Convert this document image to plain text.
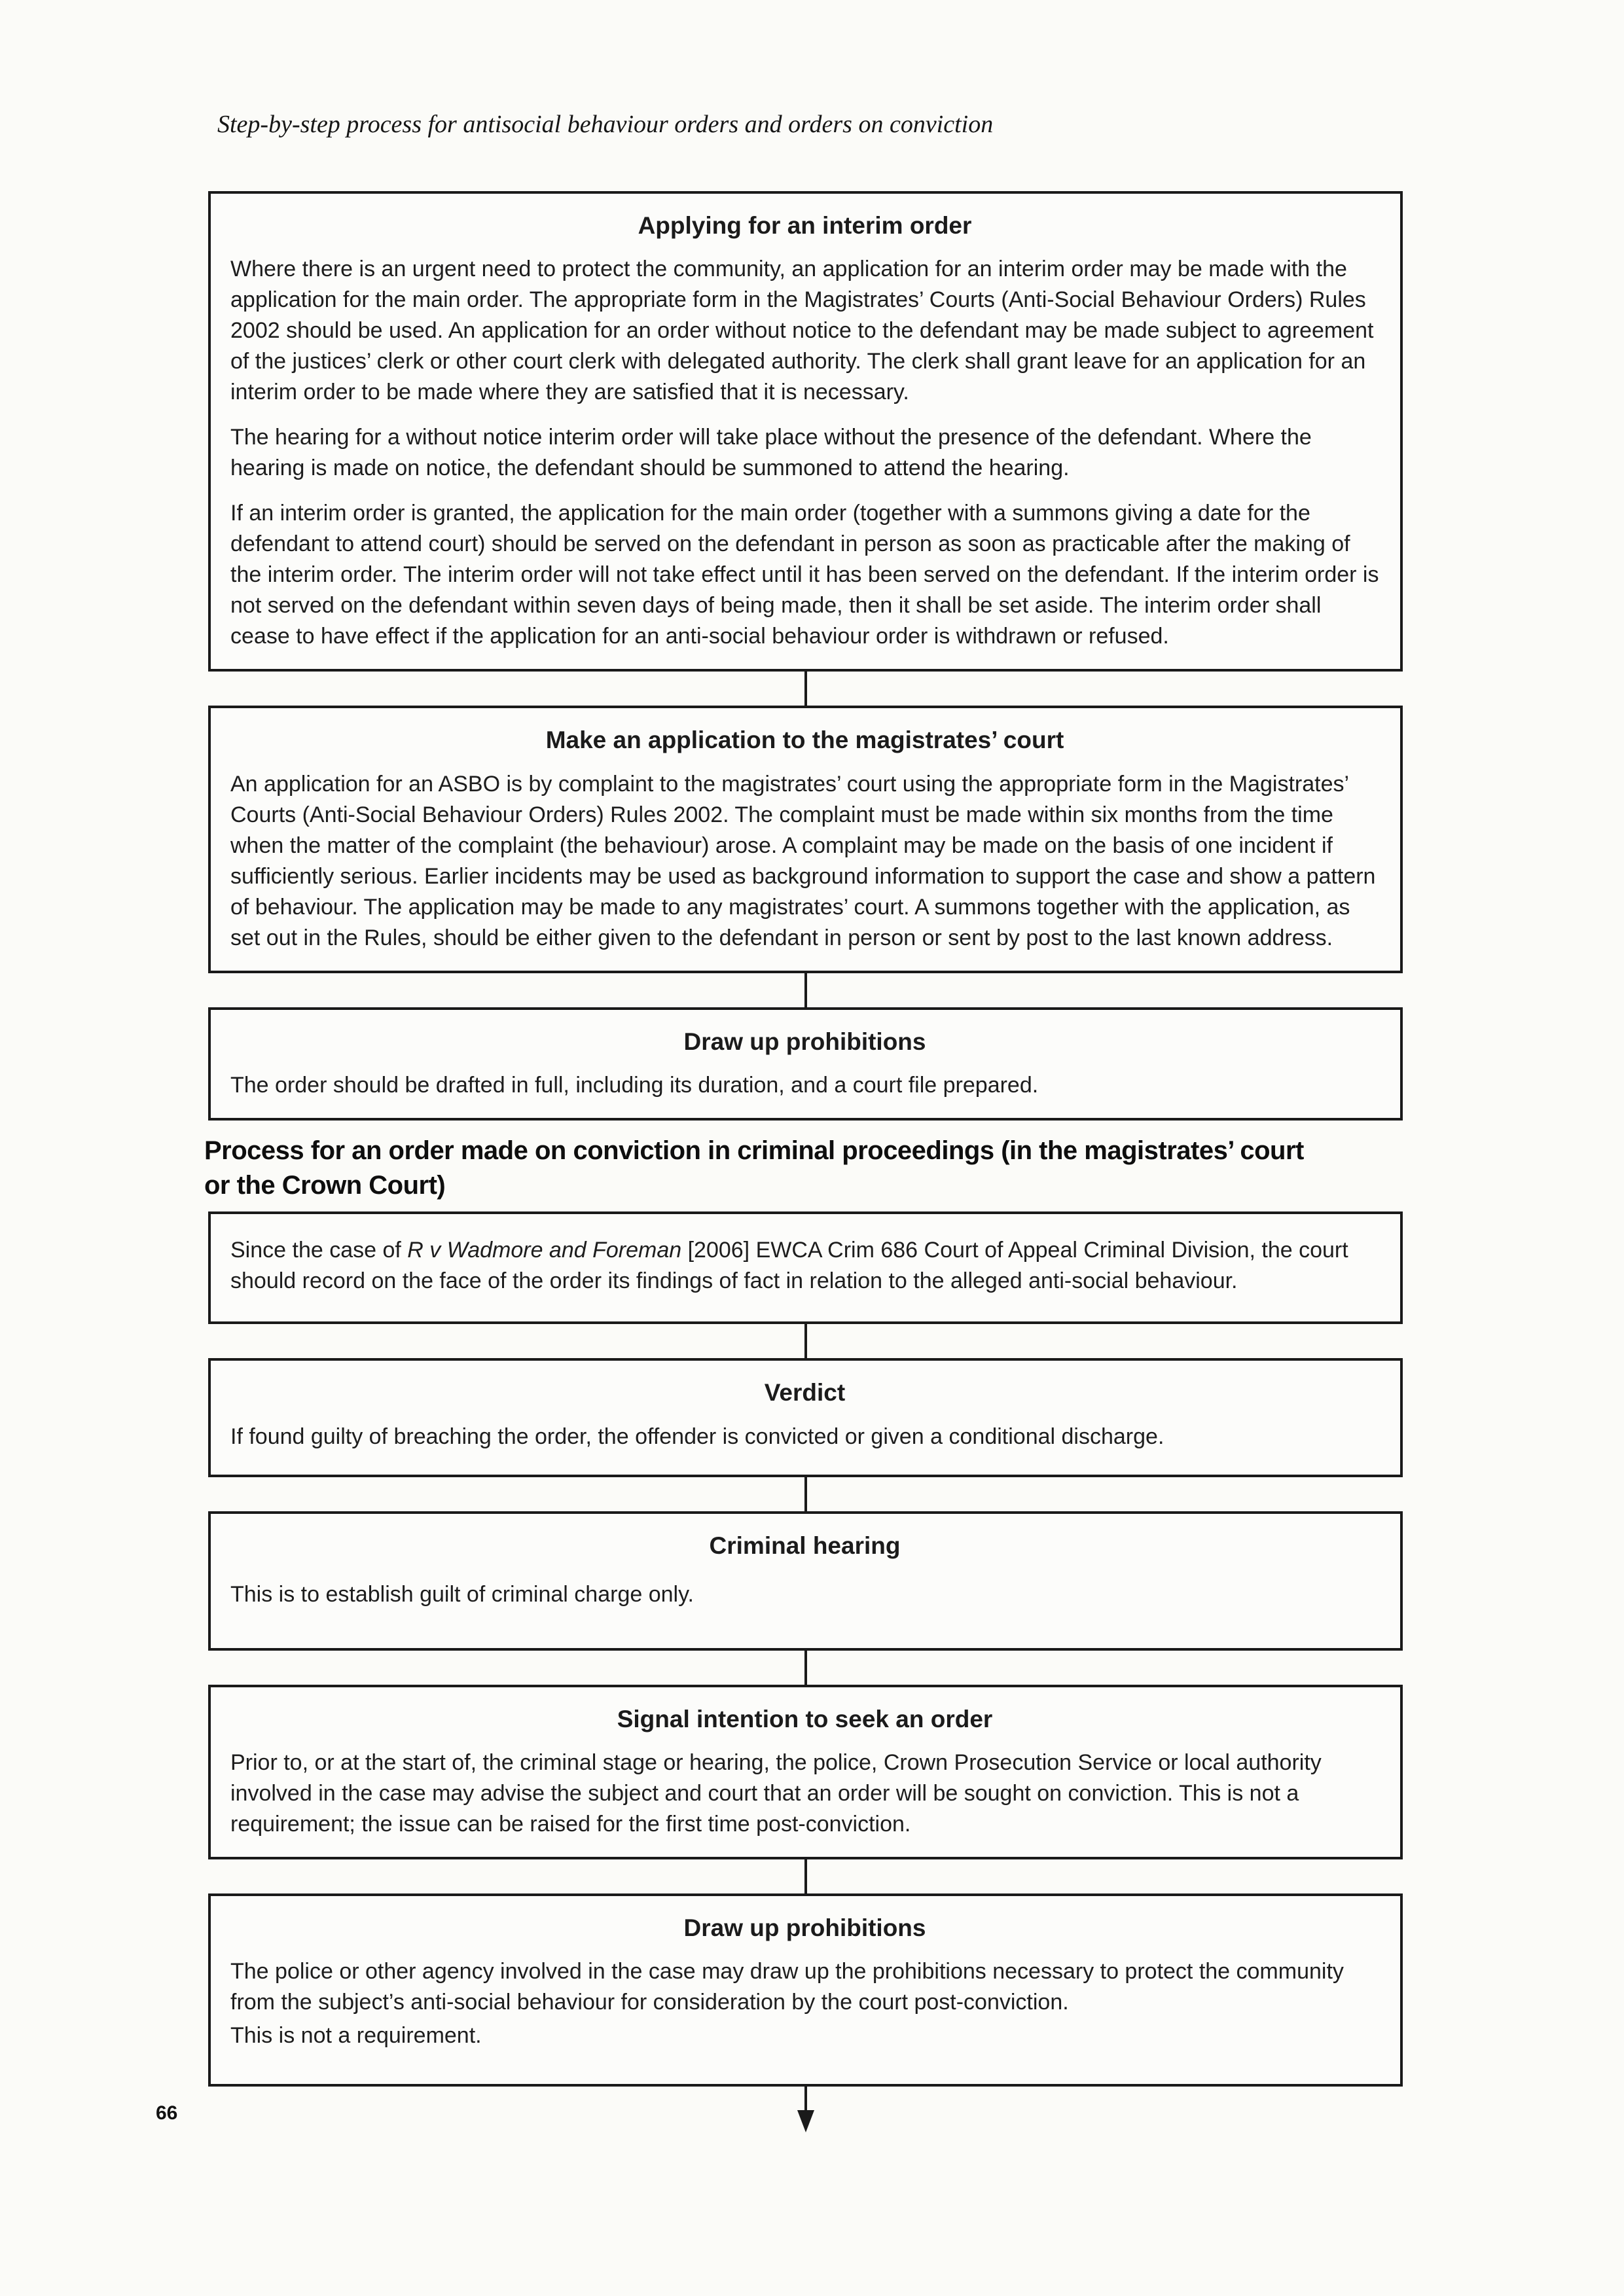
Step-by-step process for antisocial behaviour orders and orders on conviction
Applying for an interim order

Where there is an urgent need to protect the community, an application for an interim order may be made with the application for the main order. The appropriate form in the Magistrates’ Courts (Anti-Social Behaviour Orders) Rules 2002 should be used. An application for an order without notice to the defendant may be made subject to agreement of the justices’ clerk or other court clerk with delegated authority. The clerk shall grant leave for an application for an interim order to be made where they are satisfied that it is necessary.

The hearing for a without notice interim order will take place without the presence of the defendant. Where the hearing is made on notice, the defendant should be summoned to attend the hearing.

If an interim order is granted, the application for the main order (together with a summons giving a date for the defendant to attend court) should be served on the defendant in person as soon as practicable after the making of the interim order. The interim order will not take effect until it has been served on the defendant. If the interim order is not served on the defendant within seven days of being made, then it shall be set aside. The interim order shall cease to have effect if the application for an anti-social behaviour order is withdrawn or refused.

Make an application to the magistrates’ court

An application for an ASBO is by complaint to the magistrates’ court using the appropriate form in the Magistrates’ Courts (Anti-Social Behaviour Orders) Rules 2002. The complaint must be made within six months from the time when the matter of the complaint (the behaviour) arose. A complaint may be made on the basis of one incident if sufficiently serious. Earlier incidents may be used as background information to support the case and show a pattern of behaviour. The application may be made to any magistrates’ court. A summons together with the application, as set out in the Rules, should be either given to the defendant in person or sent by post to the last known address.

Draw up prohibitions

The order should be drafted in full, including its duration, and a court file prepared.

Process for an order made on conviction in criminal proceedings (in the magistrates’ court
or the Crown Court)

Since the case of R v Wadmore and Foreman [2006] EWCA Crim 686 Court of Appeal Criminal Division, the court should record on the face of the order its findings of fact in relation to the alleged anti-social behaviour.

Verdict

If found guilty of breaching the order, the offender is convicted or given a conditional discharge.

Criminal hearing

This is to establish guilt of criminal charge only.

Signal intention to seek an order

Prior to, or at the start of, the criminal stage or hearing, the police, Crown Prosecution Service or local authority involved in the case may advise the subject and court that an order will be sought on conviction. This is not a requirement; the issue can be raised for the first time post-conviction.

Draw up prohibitions

The police or other agency involved in the case may draw up the prohibitions necessary to protect the community from the subject’s anti-social behaviour for consideration by the court post-conviction.

This is not a requirement.

66
